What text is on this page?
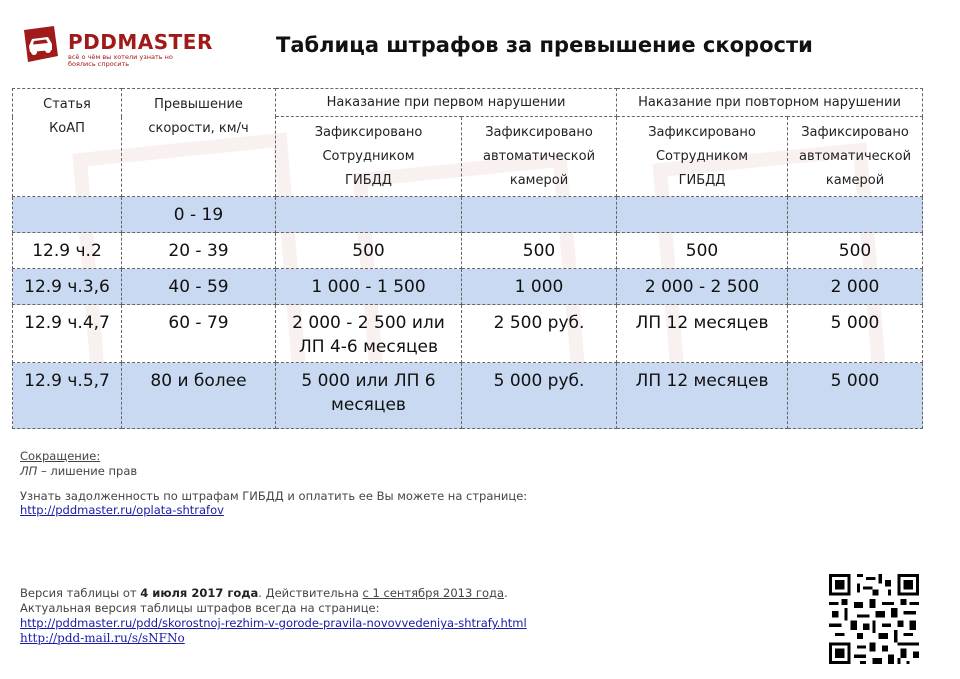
PDDMASTER
всё о чём вы хотели узнать но боялись спросить
Таблица штрафов за превышение скорости
Статья КоАП	Превышение скорости, км/ч	Наказание при первом нарушении		Наказание при повторном нарушении	

		Зафиксировано Сотрудником ГИБДД	Зафиксировано автоматической камерой	Зафиксировано Сотрудником ГИБДД	Зафиксировано автоматической камерой

	0 - 19				
12.9 ч.2	20 - 39	500	500	500	500
12.9 ч.3,6	40 - 59	1 000 - 1 500	1 000	2 000 - 2 500	2 000
12.9 ч.4,7	60 - 79	2 000 - 2 500 или ЛП 4-6 месяцев	2 500 руб.	ЛП 12 месяцев	5 000
12.9 ч.5,7	80 и более	5 000 или ЛП 6 месяцев	5 000 руб.	ЛП 12 месяцев	5 000
Сокращение:
ЛП – лишение прав
Узнать задолженность по штрафам ГИБДД и оплатить ее Вы можете на странице:
http://pddmaster.ru/oplata-shtrafov
Версия таблицы от 4 июля 2017 года. Действительна с 1 сентября 2013 года.
Актуальная версия таблицы штрафов всегда на странице:
http://pddmaster.ru/pdd/skorostnoj-rezhim-v-gorode-pravila-novovvedeniya-shtrafy.html
http://pdd-mail.ru/s/sNFNo
